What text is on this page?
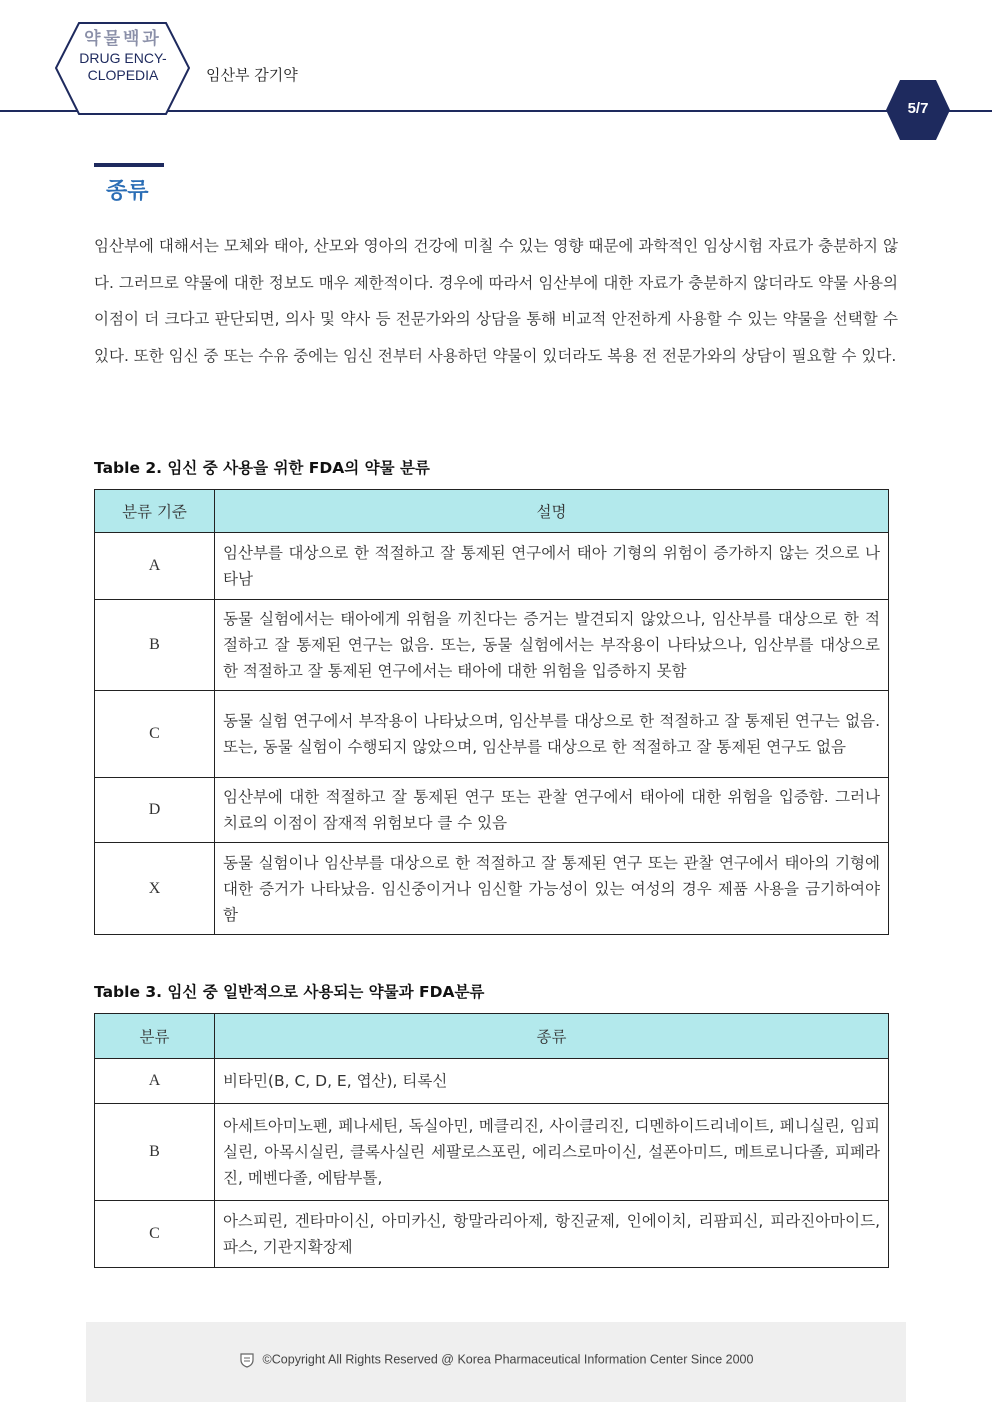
약물백과
DRUG ENCY-
CLOPEDIA	임산부 감기약
5/7
종류

임산부에 대해서는 모체와 태아, 산모와 영아의 건강에 미칠 수 있는 영향 때문에 과학적인 임상시험 자료가 충분하지 않다. 그러므로 약물에 대한 정보도 매우 제한적이다. 경우에 따라서 임산부에 대한 자료가 충분하지 않더라도 약물 사용의 이점이 더 크다고 판단되면, 의사 및 약사 등 전문가와의 상담을 통해 비교적 안전하게 사용할 수 있는 약물을 선택할 수 있다. 또한 임신 중 또는 수유 중에는 임신 전부터 사용하던 약물이 있더라도 복용 전 전문가와의 상담이 필요할 수 있다.

Table 2. 임신 중 사용을 위한 FDA의 약물 분류
분류 기준	설명
A	임산부를 대상으로 한 적절하고 잘 통제된 연구에서 태아 기형의 위험이 증가하지 않는 것으로 나타남
B	동물 실험에서는 태아에게 위험을 끼친다는 증거는 발견되지 않았으나, 임산부를 대상으로 한 적절하고 잘 통제된 연구는 없음. 또는, 동물 실험에서는 부작용이 나타났으나, 임산부를 대상으로 한 적절하고 잘 통제된 연구에서는 태아에 대한 위험을 입증하지 못함
C	동물 실험 연구에서 부작용이 나타났으며, 임산부를 대상으로 한 적절하고 잘 통제된 연구는 없음. 또는, 동물 실험이 수행되지 않았으며, 임산부를 대상으로 한 적절하고 잘 통제된 연구도 없음
D	임산부에 대한 적절하고 잘 통제된 연구 또는 관찰 연구에서 태아에 대한 위험을 입증함. 그러나 치료의 이점이 잠재적 위험보다 클 수 있음
X	동물 실험이나 임산부를 대상으로 한 적절하고 잘 통제된 연구 또는 관찰 연구에서 태아의 기형에 대한 증거가 나타났음. 임신중이거나 임신할 가능성이 있는 여성의 경우 제품 사용을 금기하여야 함
Table 3. 임신 중 일반적으로 사용되는 약물과 FDA분류
분류	종류
A	비타민(B, C, D, E, 엽산), 티록신
B	아세트아미노펜, 페나세틴, 독실아민, 메클리진, 사이클리진, 디멘하이드리네이트, 페니실린, 임피실린, 아목시실린, 클록사실린 세팔로스포린, 에리스로마이신, 설폰아미드, 메트로니다졸, 피페라진, 메벤다졸, 에탐부톨,
C	아스피린, 겐타마이신, 아미카신, 항말라리아제, 항진균제, 인에이치, 리팜피신, 피라진아마이드, 파스, 기관지확장제
©Copyright All Rights Reserved @ Korea Pharmaceutical Information Center Since 2000
